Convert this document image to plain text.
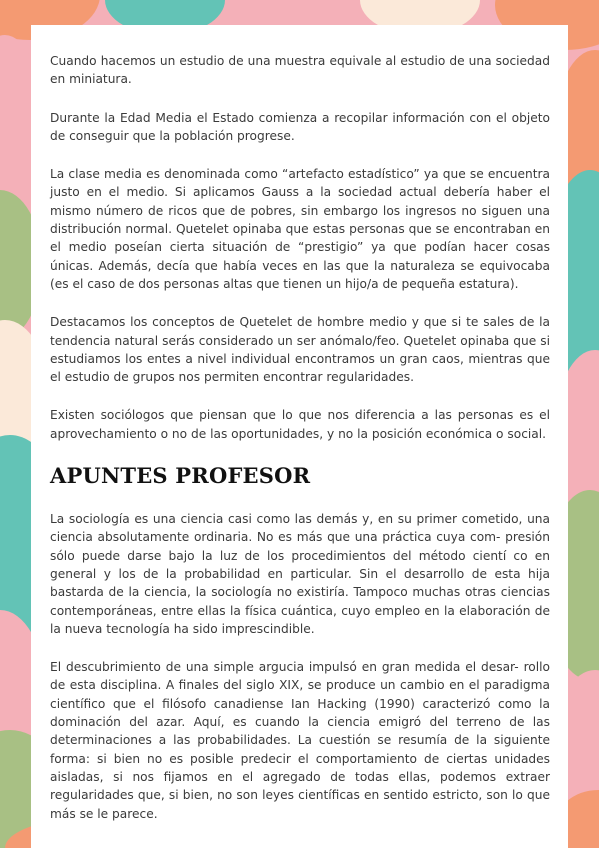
Cuando hacemos un estudio de una muestra equivale al estudio de una sociedad en miniatura.

Durante la Edad Media el Estado comienza a recopilar información con el objeto de conseguir que la población progrese.

La clase media es denominada como “artefacto estadístico” ya que se encuentra justo en el medio. Si aplicamos Gauss a la sociedad actual debería haber el mismo número de ricos que de pobres, sin embargo los ingresos no siguen una distribución normal. Quetelet opinaba que estas personas que se encontraban en el medio poseían cierta situación de “prestigio” ya que podían hacer cosas únicas. Además, decía que había veces en las que la naturaleza se equivocaba (es el caso de dos personas altas que tienen un hijo/a de pequeña estatura).

Destacamos los conceptos de Quetelet de hombre medio y que si te sales de la tendencia natural serás considerado un ser anómalo/feo. Quetelet opinaba que si estudiamos los entes a nivel individual encontramos un gran caos, mientras que el estudio de grupos nos permiten encontrar regularidades.

Existen sociólogos que piensan que lo que nos diferencia a las personas es el aprovechamiento o no de las oportunidades, y no la posición económica o social.

APUNTES PROFESOR

La sociología es una ciencia casi como las demás y, en su primer cometido, una ciencia absolutamente ordinaria. No es más que una práctica cuya com- presión sólo puede darse bajo la luz de los procedimientos del método cientí co en general y los de la probabilidad en particular. Sin el desarrollo de esta hija bastarda de la ciencia, la sociología no existiría. Tampoco muchas otras ciencias contemporáneas, entre ellas la física cuántica, cuyo empleo en la elaboración de la nueva tecnología ha sido imprescindible.

El descubrimiento de una simple argucia impulsó en gran medida el desar- rollo de esta disciplina. A finales del siglo XIX, se produce un cambio en el paradigma científico que el filósofo canadiense Ian Hacking (1990) caracterizó como la dominación del azar. Aquí, es cuando la ciencia emigró del terreno de las determinaciones a las probabilidades. La cuestión se resumía de la siguiente forma: si bien no es posible predecir el comportamiento de ciertas unidades aisladas, si nos fijamos en el agregado de todas ellas, podemos extraer regularidades que, si bien, no son leyes científicas en sentido estricto, son lo que más se le parece.
